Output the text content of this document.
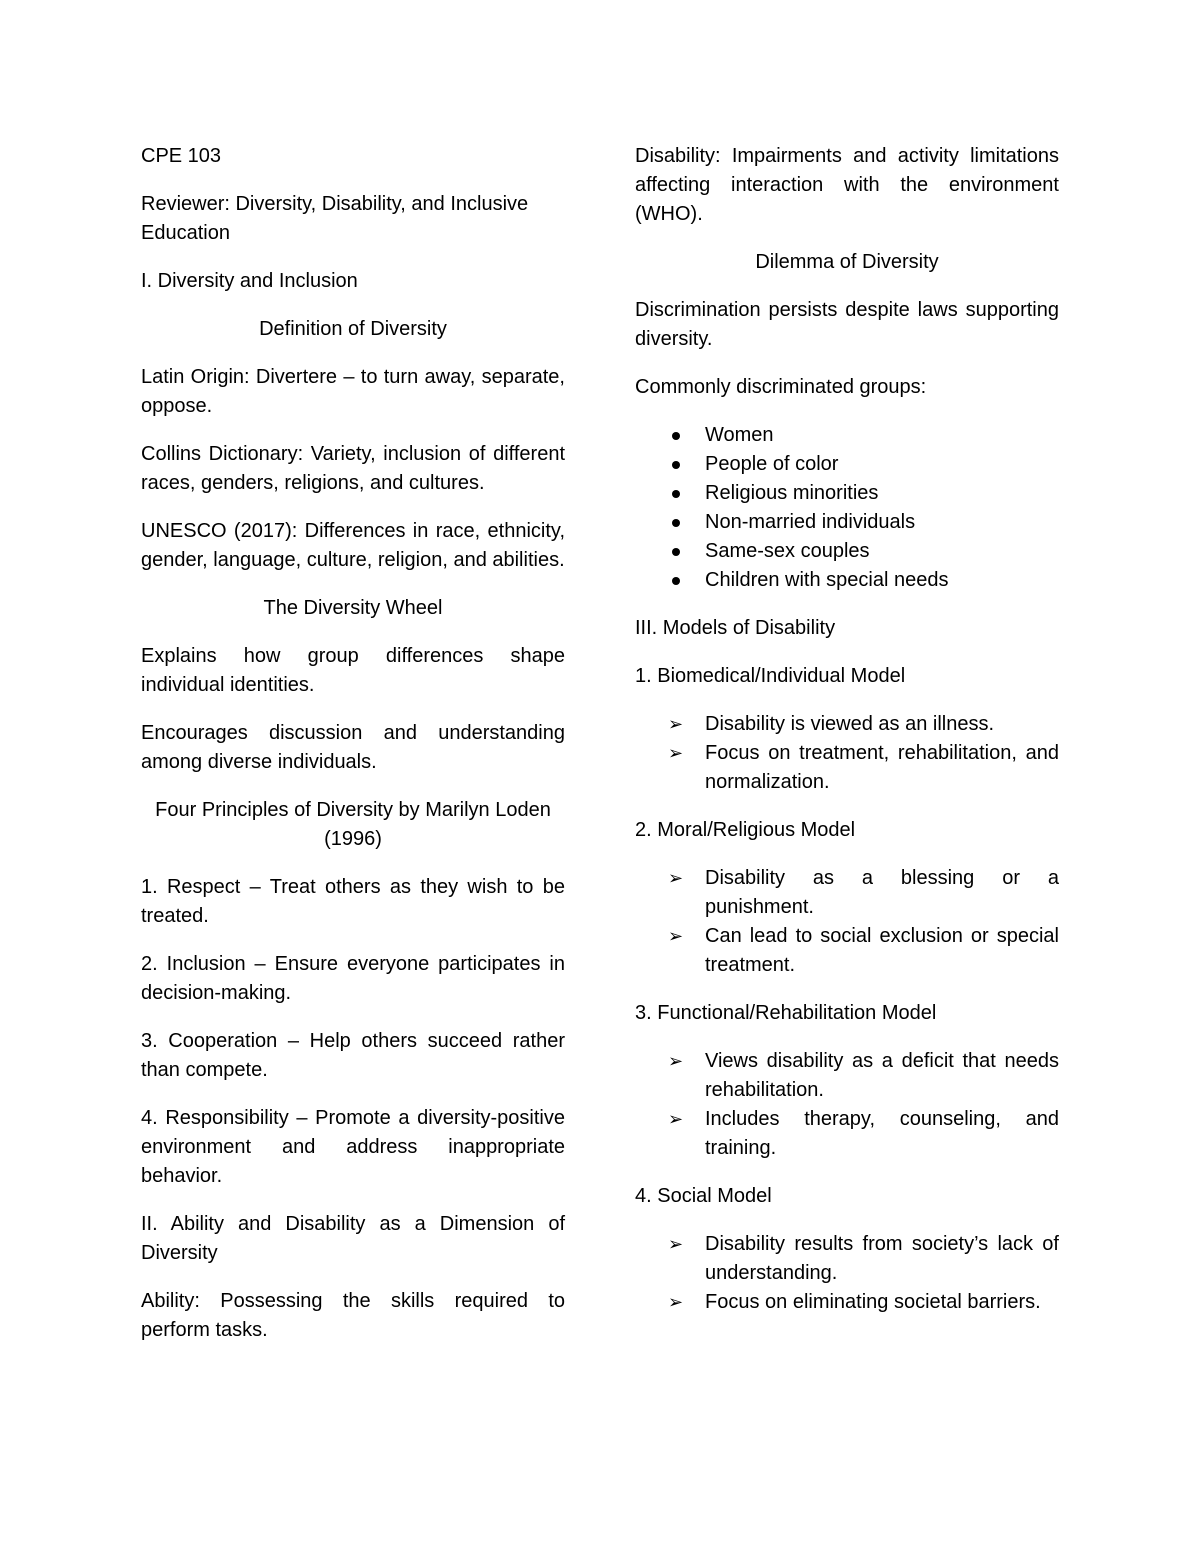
CPE 103

Reviewer: Diversity, Disability, and Inclusive Education

I. Diversity and Inclusion

Definition of Diversity

Latin Origin: Divertere – to turn away, separate, oppose.

Collins Dictionary: Variety, inclusion of different races, genders, religions, and cultures.

UNESCO (2017): Differences in race, ethnicity, gender, language, culture, religion, and abilities.

The Diversity Wheel

Explains how group differences shape individual identities.

Encourages discussion and understanding among diverse individuals.

Four Principles of Diversity by Marilyn Loden (1996)

1. Respect – Treat others as they wish to be treated.

2. Inclusion – Ensure everyone participates in decision-making.

3. Cooperation – Help others succeed rather than compete.

4. Responsibility – Promote a diversity-positive environment and address inappropriate behavior.

II. Ability and Disability as a Dimension of Diversity

Ability: Possessing the skills required to perform tasks.

Disability: Impairments and activity limitations affecting interaction with the environment (WHO).

Dilemma of Diversity

Discrimination persists despite laws supporting diversity.

Commonly discriminated groups:

Women
People of color
Religious minorities
Non-married individuals
Same-sex couples
Children with special needs

III. Models of Disability

1. Biomedical/Individual Model

➢ Disability is viewed as an illness.
➢ Focus on treatment, rehabilitation, and normalization.

2. Moral/Religious Model

➢ Disability as a blessing or a punishment.
➢ Can lead to social exclusion or special treatment.

3. Functional/Rehabilitation Model

➢ Views disability as a deficit that needs rehabilitation.
➢ Includes therapy, counseling, and training.

4. Social Model

➢ Disability results from society’s lack of understanding.
➢ Focus on eliminating societal barriers.
